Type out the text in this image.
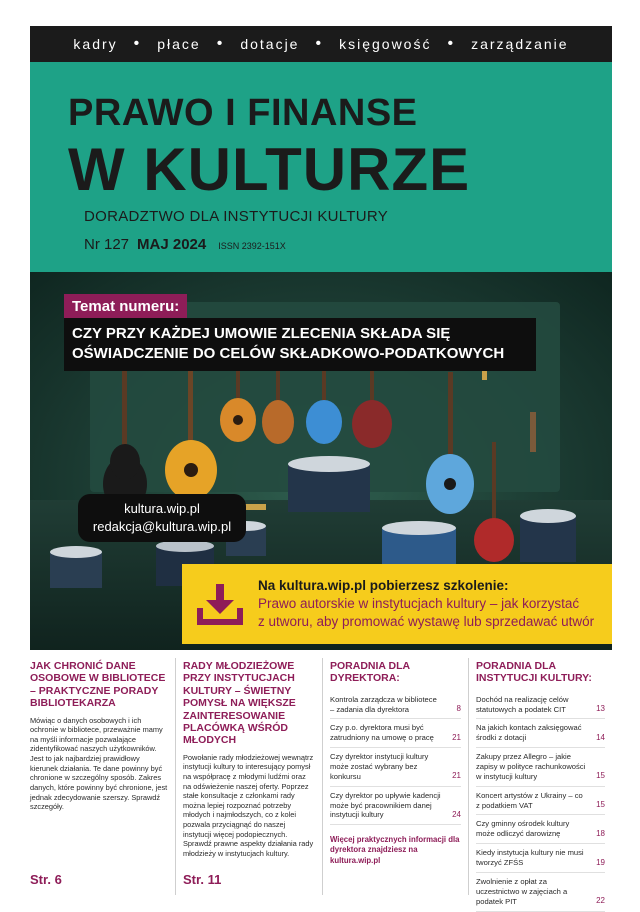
kadry • płace • dotacje • księgowość • zarządzanie
PRAWO I FINANSE
W KULTURZE
DORADZTWO DLA INSTYTUCJI KULTURY
Nr 127 MAJ 2024 ISSN 2392-151X
Temat numeru:
CZY PRZY KAŻDEJ UMOWIE ZLECENIA SKŁADA SIĘ
OŚWIADCZENIE DO CELÓW SKŁADKOWO-PODATKOWYCH
kultura.wip.pl
redakcja@kultura.wip.pl
Na kultura.wip.pl pobierzesz szkolenie:
Prawo autorskie w instytucjach kultury – jak korzystać
z utworu, aby promować wystawę lub sprzedawać utwór
JAK CHRONIĆ DANE OSOBOWE W BIBLIOTECE – PRAKTYCZNE PORADY BIBLIOTEKARZA

Mówiąc o danych osobowych i ich ochronie w bibliotece, przeważnie mamy na myśli informacje pozwalające zidentyfikować naszych użytkowników. Jest to jak najbardziej prawidłowy kierunek działania. Te dane powinny być chronione w szczególny sposób. Zakres danych, które powinny być chronione, jest jednak zdecydowanie szerszy. Sprawdź szczegóły.

Str. 6
RADY MŁODZIEŻOWE PRZY INSTYTUCJACH KULTURY – ŚWIETNY POMYSŁ NA WIĘKSZE ZAINTERESOWANIE PLACÓWKĄ WŚRÓD MŁODYCH

Powołanie rady młodzieżowej wewnątrz instytucji kultury to interesujący pomysł na współpracę z młodymi ludźmi oraz na odświeżenie naszej oferty. Poprzez stałe konsultacje z członkami rady można lepiej rozpoznać potrzeby młodych i najmłodszych, co z kolei pozwala przyciągnąć do naszej instytucji więcej podopiecznych. Sprawdź prawne aspekty działania rady młodzieży w instytucjach kultury.

Str. 11
PORADNIA DLA DYREKTORA:
Kontrola zarządcza w bibliotece – zadania dla dyrektora	8
Czy p.o. dyrektora musi być zatrudniony na umowę o pracę	21
Czy dyrektor instytucji kultury może zostać wybrany bez konkursu	21
Czy dyrektor po upływie kadencji może być pracownikiem danej instytucji kultury	24
Więcej praktycznych informacji dla dyrektora znajdziesz na kultura.wip.pl
PORADNIA DLA INSTYTUCJI KULTURY:
Dochód na realizację celów statutowych a podatek CIT	13
Na jakich kontach zaksięgować środki z dotacji	14
Zakupy przez Allegro – jakie zapisy w polityce rachunkowości w instytucji kultury	15
Koncert artystów z Ukrainy – co z podatkiem VAT	15
Czy gminny ośrodek kultury może odliczyć darowiznę	18
Kiedy instytucja kultury nie musi tworzyć ZFŚS	19
Zwolnienie z opłat za uczestnictwo w zajęciach a podatek PIT	22
